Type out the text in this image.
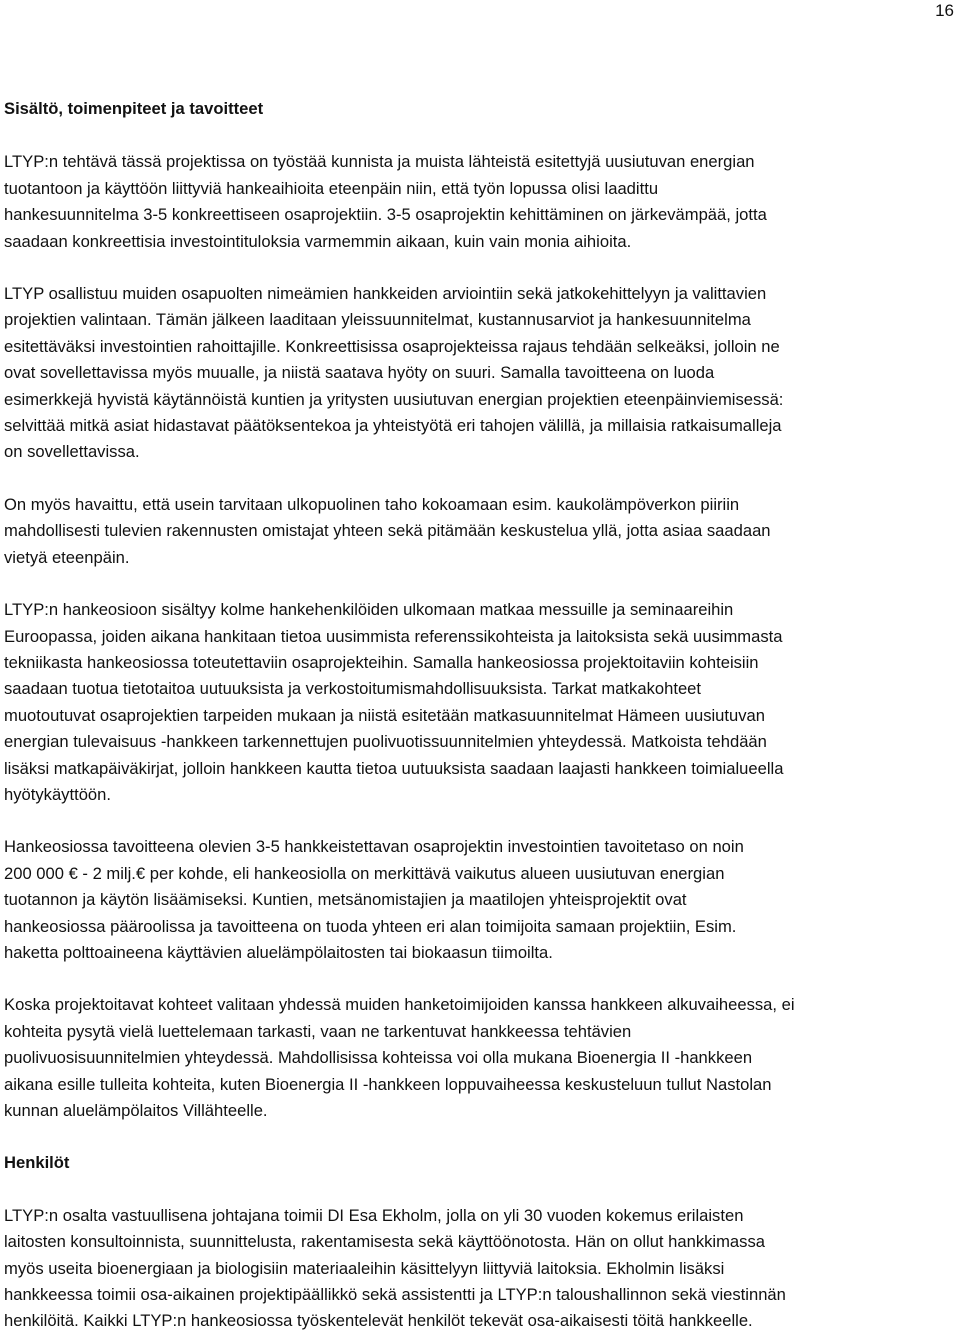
16

Sisältö, toimenpiteet ja tavoitteet

LTYP:n tehtävä tässä projektissa on työstää kunnista ja muista lähteistä esitettyjä uusiutuvan energian
tuotantoon ja käyttöön liittyviä hankeaihioita eteenpäin niin, että työn lopussa olisi laadittu
hankesuunnitelma 3-5 konkreettiseen osaprojektiin. 3-5 osaprojektin kehittäminen on järkevämpää, jotta
saadaan konkreettisia investointituloksia varmemmin aikaan, kuin vain monia aihioita.
LTYP osallistuu muiden osapuolten nimeämien hankkeiden arviointiin sekä jatkokehittelyyn ja valittavien
projektien valintaan. Tämän jälkeen laaditaan yleissuunnitelmat, kustannusarviot ja hankesuunnitelma
esitettäväksi investointien rahoittajille. Konkreettisissa osaprojekteissa rajaus tehdään selkeäksi, jolloin ne
ovat sovellettavissa myös muualle, ja niistä saatava hyöty on suuri. Samalla tavoitteena on luoda
esimerkkejä hyvistä käytännöistä kuntien ja yritysten uusiutuvan energian projektien eteenpäinviemisessä:
selvittää mitkä asiat hidastavat päätöksentekoa ja yhteistyötä eri tahojen välillä, ja millaisia ratkaisumalleja
on sovellettavissa.
On myös havaittu, että usein tarvitaan ulkopuolinen taho kokoamaan esim. kaukolämpöverkon piiriin
mahdollisesti tulevien rakennusten omistajat yhteen sekä pitämään keskustelua yllä, jotta asiaa saadaan
vietyä eteenpäin.
LTYP:n hankeosioon sisältyy kolme hankehenkilöiden ulkomaan matkaa messuille ja seminaareihin
Euroopassa, joiden aikana hankitaan tietoa uusimmista referenssikohteista ja laitoksista sekä uusimmasta
tekniikasta hankeosiossa toteutettaviin osaprojekteihin. Samalla hankeosiossa projektoitaviin kohteisiin
saadaan tuotua tietotaitoa uutuuksista ja verkostoitumismahdollisuuksista. Tarkat matkakohteet
muotoutuvat osaprojektien tarpeiden mukaan ja niistä esitetään matkasuunnitelmat Hämeen uusiutuvan
energian tulevaisuus -hankkeen tarkennettujen puolivuotissuunnitelmien yhteydessä. Matkoista tehdään
lisäksi matkapäiväkirjat, jolloin hankkeen kautta tietoa uutuuksista saadaan laajasti hankkeen toimialueella
hyötykäyttöön.
Hankeosiossa tavoitteena olevien 3-5 hankkeistettavan osaprojektin investointien tavoitetaso on noin
200 000 € - 2 milj.€ per kohde, eli hankeosiolla on merkittävä vaikutus alueen uusiutuvan energian
tuotannon ja käytön lisäämiseksi. Kuntien, metsänomistajien ja maatilojen yhteisprojektit ovat
hankeosiossa pääroolissa ja tavoitteena on tuoda yhteen eri alan toimijoita samaan projektiin, Esim.
haketta polttoaineena käyttävien aluelämpölaitosten tai biokaasun tiimoilta.
Koska projektoitavat kohteet valitaan yhdessä muiden hanketoimijoiden kanssa hankkeen alkuvaiheessa, ei
kohteita pysytä vielä luettelemaan tarkasti, vaan ne tarkentuvat hankkeessa tehtävien
puolivuosisuunnitelmien yhteydessä. Mahdollisissa kohteissa voi olla mukana Bioenergia II -hankkeen
aikana esille tulleita kohteita, kuten Bioenergia II -hankkeen loppuvaiheessa keskusteluun tullut Nastolan
kunnan aluelämpölaitos Villähteelle.

Henkilöt

LTYP:n osalta vastuullisena johtajana toimii DI Esa Ekholm, jolla on yli 30 vuoden kokemus erilaisten
laitosten konsultoinnista, suunnittelusta, rakentamisesta sekä käyttöönotosta. Hän on ollut hankkimassa
myös useita bioenergiaan ja biologisiin materiaaleihin käsittelyyn liittyviä laitoksia. Ekholmin lisäksi
hankkeessa toimii osa-aikainen projektipäällikkö sekä assistentti ja LTYP:n taloushallinnon sekä viestinnän
henkilöitä. Kaikki LTYP:n hankeosiossa työskentelevät henkilöt tekevät osa-aikaisesti töitä hankkeelle.
